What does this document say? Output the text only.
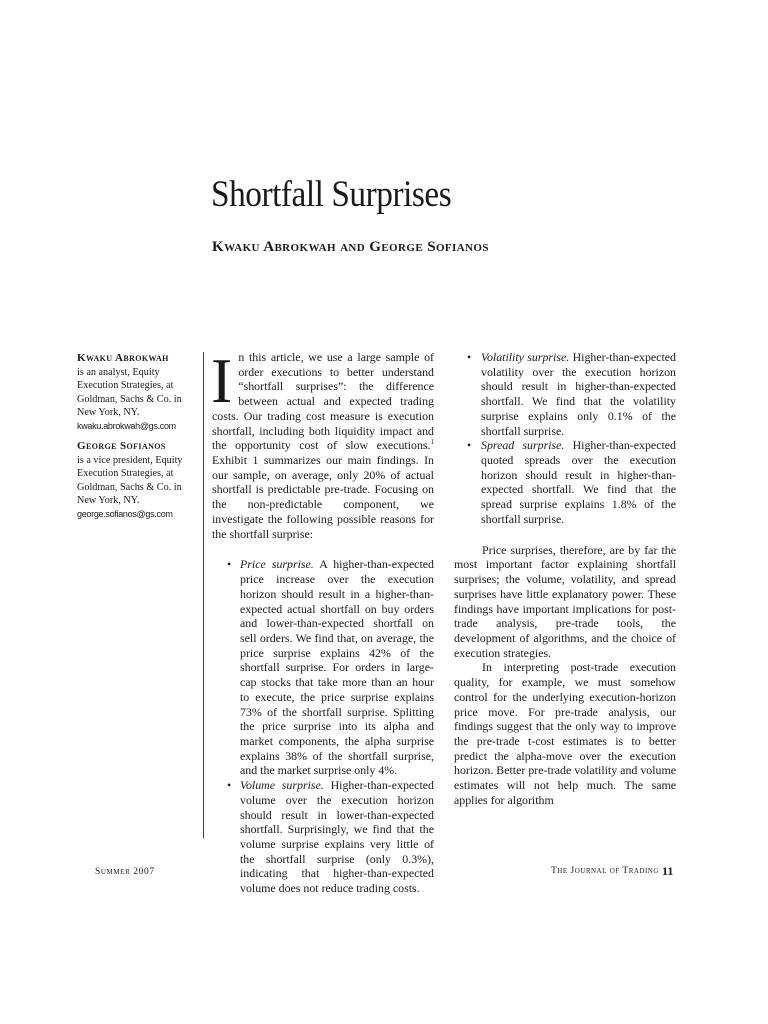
Shortfall Surprises
Kwaku Abrokwah and George Sofianos
Kwaku Abrokwah
is an analyst, Equity
Execution Strategies, at
Goldman, Sachs & Co. in
New York, NY.
kwaku.abrokwah@gs.com
George Sofianos
is a vice president, Equity
Execution Strategies, at
Goldman, Sachs & Co. in
New York, NY.
george.sofianos@gs.com

In this article, we use a large sample of order executions to better understand “shortfall surprises”: the difference between actual and expected trading costs. Our trading cost measure is execution shortfall, including both liquidity impact and the opportunity cost of slow executions.$^1$ Exhibit 1 summarizes our main findings. In our sample, on average, only 20% of actual shortfall is predictable pre-trade. Focusing on the non-predictable component, we investigate the following possible reasons for the shortfall surprise:

• Price surprise. A higher-than-expected price increase over the execution horizon should result in a higher-than-expected actual shortfall on buy orders and lower-than-expected shortfall on sell orders. We find that, on average, the price surprise explains 42% of the shortfall surprise. For orders in large-cap stocks that take more than an hour to execute, the price surprise explains 73% of the shortfall surprise. Splitting the price surprise into its alpha and market components, the alpha surprise explains 38% of the shortfall surprise, and the market surprise only 4%.
• Volume surprise. Higher-than-expected volume over the execution horizon should result in lower-than-expected shortfall. Surprisingly, we find that the volume surprise explains very little of the shortfall surprise (only 0.3%), indicating that higher-than-expected volume does not reduce trading costs.
• Volatility surprise. Higher-than-expected volatility over the execution horizon should result in higher-than-expected shortfall. We find that the volatility surprise explains only 0.1% of the shortfall surprise.
• Spread surprise. Higher-than-expected quoted spreads over the execution horizon should result in higher-than-expected shortfall. We find that the spread surprise explains 1.8% of the shortfall surprise.

Price surprises, therefore, are by far the most important factor explaining shortfall surprises; the volume, volatility, and spread surprises have little explanatory power. These findings have important implications for post-trade analysis, pre-trade tools, the development of algorithms, and the choice of execution strategies.

In interpreting post-trade execution quality, for example, we must somehow control for the underlying execution-horizon price move. For pre-trade analysis, our findings suggest that the only way to improve the pre-trade t-cost estimates is to better predict the alpha-move over the execution horizon. Better pre-trade volatility and volume estimates will not help much. The same applies for algorithm

Summer 2007	The Journal of Trading 11
